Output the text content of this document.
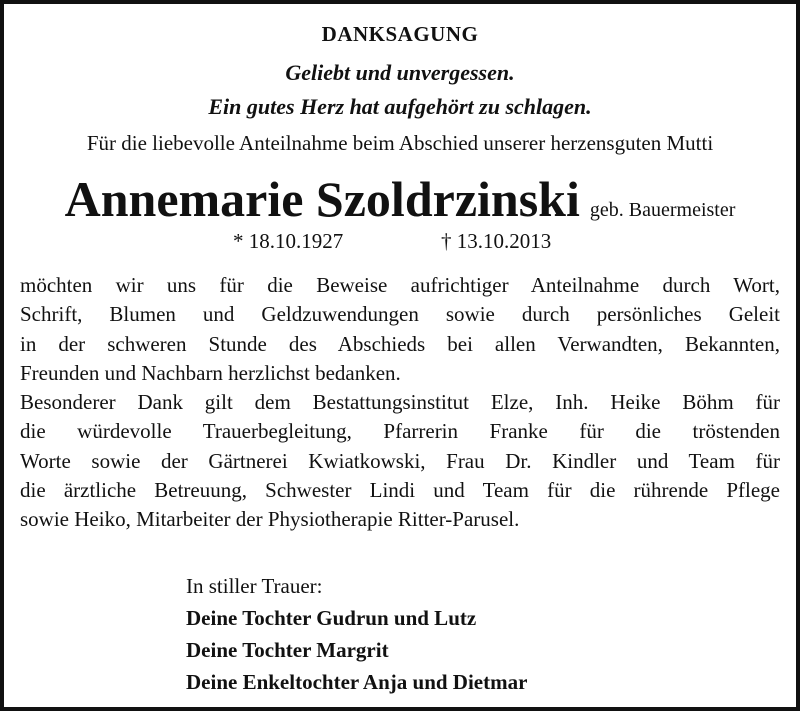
DANKSAGUNG
Geliebt und unvergessen.
Ein gutes Herz hat aufgehört zu schlagen.
Für die liebevolle Anteilnahme beim Abschied unserer herzensguten Mutti
Annemarie Szoldrzinski geb. Bauermeister
* 18.10.1927	† 13.10.2013

möchten wir uns für die Beweise aufrichtiger Anteilnahme durch Wort,
Schrift, Blumen und Geldzuwendungen sowie durch persönliches Geleit
in der schweren Stunde des Abschieds bei allen Verwandten, Bekannten,
Freunden und Nachbarn herzlichst bedanken.

Besonderer Dank gilt dem Bestattungsinstitut Elze, Inh. Heike Böhm für
die würdevolle Trauerbegleitung, Pfarrerin Franke für die tröstenden
Worte sowie der Gärtnerei Kwiatkowski, Frau Dr. Kindler und Team für
die ärztliche Betreuung, Schwester Lindi und Team für die rührende Pflege
sowie Heiko, Mitarbeiter der Physiotherapie Ritter-Parusel.

In stiller Trauer:
Deine Tochter Gudrun und Lutz
Deine Tochter Margrit
Deine Enkeltochter Anja und Dietmar
